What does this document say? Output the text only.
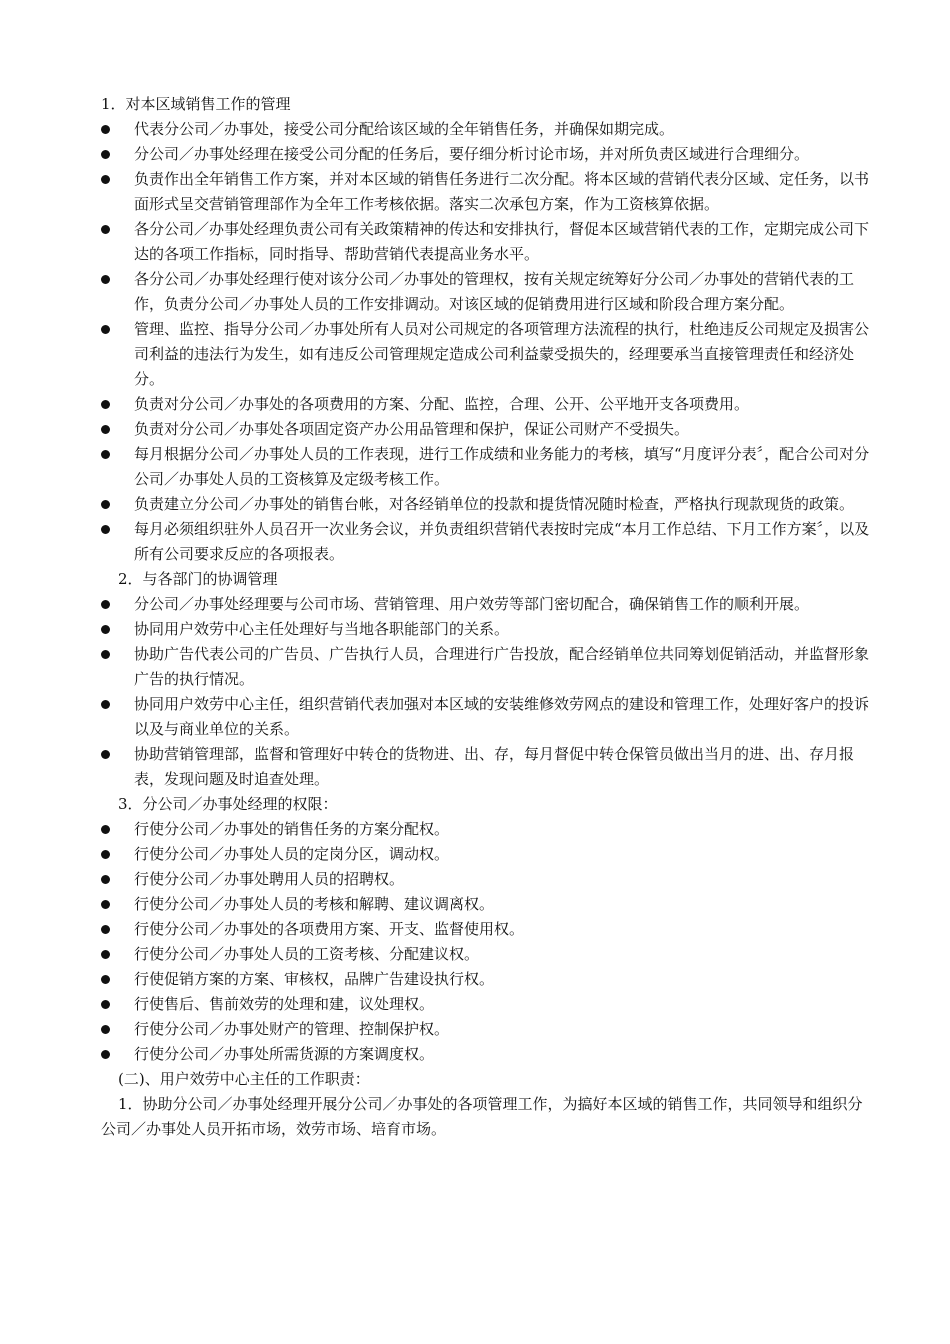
1．对本区域销售工作的管理

代表分公司／办事处，接受公司分配给该区域的全年销售任务，并确保如期完成。

分公司／办事处经理在接受公司分配的任务后，要仔细分析讨论市场，并对所负责区域进行合理细分。

负责作出全年销售工作方案，并对本区域的销售任务进行二次分配。将本区域的营销代表分区域、定任务，以书面形式呈交营销管理部作为全年工作考核依据。落实二次承包方案，作为工资核算依据。

各分公司／办事处经理负责公司有关政策精神的传达和安排执行，督促本区域营销代表的工作，定期完成公司下达的各项工作指标，同时指导、帮助营销代表提高业务水平。

各分公司／办事处经理行使对该分公司／办事处的管理权，按有关规定统筹好分公司／办事处的营销代表的工作，负责分公司／办事处人员的工作安排调动。对该区域的促销费用进行区域和阶段合理方案分配。

管理、监控、指导分公司／办事处所有人员对公司规定的各项管理方法流程的执行，杜绝违反公司规定及损害公司利益的违法行为发生，如有违反公司管理规定造成公司利益蒙受损失的，经理要承当直接管理责任和经济处分。

负责对分公司／办事处的各项费用的方案、分配、监控，合理、公开、公平地开支各项费用。

负责对分公司／办事处各项固定资产办公用品管理和保护，保证公司财产不受损失。

每月根据分公司／办事处人员的工作表现，进行工作成绩和业务能力的考核，填写“月度评分表〞，配合公司对分公司／办事处人员的工资核算及定级考核工作。

负责建立分公司／办事处的销售台帐，对各经销单位的投款和提货情况随时检查，严格执行现款现货的政策。

每月必须组织驻外人员召开一次业务会议，并负责组织营销代表按时完成“本月工作总结、下月工作方案〞，以及所有公司要求反应的各项报表。

2．与各部门的协调管理

分公司／办事处经理要与公司市场、营销管理、用户效劳等部门密切配合，确保销售工作的顺利开展。

协同用户效劳中心主任处理好与当地各职能部门的关系。

协助广告代表公司的广告员、广告执行人员，合理进行广告投放，配合经销单位共同筹划促销活动，并监督形象广告的执行情况。

协同用户效劳中心主任，组织营销代表加强对本区域的安装维修效劳网点的建设和管理工作，处理好客户的投诉以及与商业单位的关系。

协助营销管理部，监督和管理好中转仓的货物进、出、存，每月督促中转仓保管员做出当月的进、出、存月报表，发现问题及时追查处理。

3．分公司／办事处经理的权限：

行使分公司／办事处的销售任务的方案分配权。

行使分公司／办事处人员的定岗分区，调动权。

行使分公司／办事处聘用人员的招聘权。

行使分公司／办事处人员的考核和解聘、建议调离权。

行使分公司／办事处的各项费用方案、开支、监督使用权。

行使分公司／办事处人员的工资考核、分配建议权。

行使促销方案的方案、审核权，品牌广告建设执行权。

行使售后、售前效劳的处理和建，议处理权。

行使分公司／办事处财产的管理、控制保护权。

行使分公司／办事处所需货源的方案调度权。

(二)、用户效劳中心主任的工作职责：

1．协助分公司／办事处经理开展分公司／办事处的各项管理工作，为搞好本区域的销售工作，共同领导和组织分公司／办事处人员开拓市场，效劳市场、培育市场。
